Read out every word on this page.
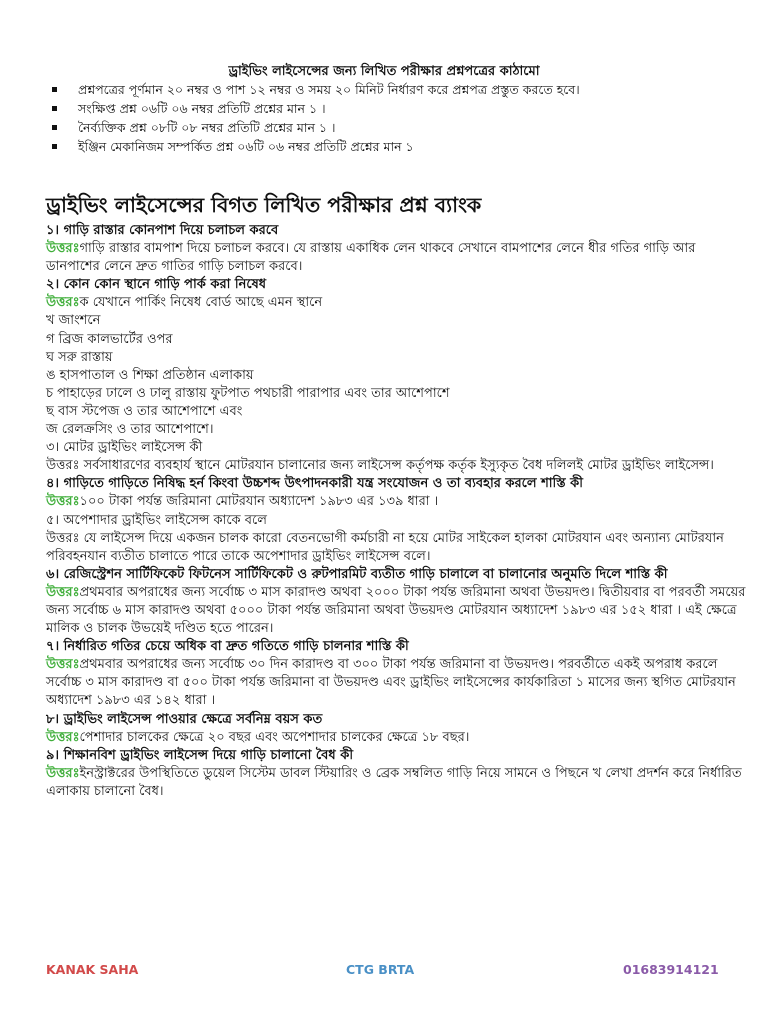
ড্রাইভিং লাইসেন্সের জন্য লিখিত পরীক্ষার প্রশ্নপত্রের কাঠামো
প্রশ্নপত্রের পূর্ণমান ২০ নম্বর ও পাশ ১২ নম্বর ও সময় ২০ মিনিট নির্ধারণ করে প্রশ্নপত্র প্রস্তুত করতে হবে।
সংক্ষিপ্ত প্রশ্ন ০৬টি ০৬ নম্বর প্রতিটি প্রশ্নের মান ১ ।
নৈর্ব্যক্তিক প্রশ্ন ০৮টি ০৮ নম্বর প্রতিটি প্রশ্নের মান ১ ।
ইঞ্জিন মেকানিজম সম্পর্কিত প্রশ্ন ০৬টি ০৬ নম্বর প্রতিটি প্রশ্নের মান ১
ড্রাইভিং লাইসেন্সের বিগত লিখিত পরীক্ষার প্রশ্ন ব্যাংক

১। গাড়ি রাস্তার কোনপাশ দিয়ে চলাচল করবে

উত্তরঃগাড়ি রাস্তার বামপাশ দিয়ে চলাচল করবে। যে রাস্তায় একাধিক লেন থাকবে সেখানে বামপাশের লেনে ধীর গতির গাড়ি আর ডানপাশের লেনে দ্রুত গাতির গাড়ি চলাচল করবে।

২। কোন কোন স্থানে গাড়ি পার্ক করা নিষেধ

উত্তরঃক যেখানে পার্কিং নিষেধ বোর্ড আছে এমন স্থানে

খ জাংশনে

গ ব্রিজ কালভার্টের ওপর

ঘ সরু রাস্তায়

ঙ হাসপাতাল ও শিক্ষা প্রতিষ্ঠান এলাকায়

চ পাহাড়ের ঢালে ও ঢালু রাস্তায় ফুটপাত পথচারী পারাপার এবং তার আশেপাশে

ছ বাস স্টপেজ ও তার আশেপাশে এবং

জ রেলক্রসিং ও তার আশেপাশে।

৩। মোটর ড্রাইভিং লাইসেন্স কী

উত্তরঃ সর্বসাধারণের ব্যবহার্য স্থানে মোটরযান চালানোর জন্য লাইসেন্স কর্তৃপক্ষ কর্তৃক ইস্যুকৃত বৈধ দলিলই মোটর ড্রাইভিং লাইসেন্স।

৪। গাড়িতে গাড়িতে নিষিদ্ধ হর্ন কিংবা উচ্চশব্দ উৎপাদনকারী যন্ত্র সংযোজন ও তা ব্যবহার করলে শাস্তি কী

উত্তরঃ১০০ টাকা পর্যন্ত জরিমানা মোটরযান অধ্যাদেশ ১৯৮৩ এর ১৩৯ ধারা ।

৫। অপেশাদার ড্রাইভিং লাইসেন্স কাকে বলে

উত্তরঃ যে লাইসেন্স দিয়ে একজন চালক কারো বেতনভোগী কর্মচারী না হয়ে মোটর সাইকেল হালকা মোটরযান এবং অন্যান্য মোটরযান পরিবহনযান ব্যতীত চালাতে পারে তাকে অপেশাদার ড্রাইভিং লাইসেন্স বলে।

৬। রেজিস্ট্রেশন সার্টিফিকেট ফিটনেস সার্টিফিকেট ও রুটপারমিট ব্যতীত গাড়ি চালালে বা চালানোর অনুমতি দিলে শাস্তি কী

উত্তরঃপ্রথমবার অপরাধের জন্য সর্বোচ্চ ৩ মাস কারাদণ্ড অথবা ২০০০ টাকা পর্যন্ত জরিমানা অথবা উভয়দণ্ড। দ্বিতীয়বার বা পরবর্তী সময়ের জন্য সর্বোচ্চ ৬ মাস কারাদণ্ড অথবা ৫০০০ টাকা পর্যন্ত জরিমানা অথবা উভয়দণ্ড মোটরযান অধ্যাদেশ ১৯৮৩ এর ১৫২ ধারা । এই ক্ষেত্রে মালিক ও চালক উভয়েই দণ্ডিত হতে পারেন।

৭। নির্ধারিত গতির চেয়ে অধিক বা দ্রুত গতিতে গাড়ি চালনার শাস্তি কী

উত্তরঃপ্রথমবার অপরাধের জন্য সর্বোচ্চ ৩০ দিন কারাদণ্ড বা ৩০০ টাকা পর্যন্ত জরিমানা বা উভয়দণ্ড। পরবর্তীতে একই অপরাধ করলে সর্বোচ্চ ৩ মাস কারাদণ্ড বা ৫০০ টাকা পর্যন্ত জরিমানা বা উভয়দণ্ড এবং ড্রাইভিং লাইসেন্সের কার্যকারিতা ১ মাসের জন্য স্থগিত মোটরযান অধ্যাদেশ ১৯৮৩ এর ১৪২ ধারা ।

৮। ড্রাইভিং লাইসেন্স পাওয়ার ক্ষেত্রে সর্বনিম্ন বয়স কত

উত্তরঃপেশাদার চালকের ক্ষেত্রে ২০ বছর এবং অপেশাদার চালকের ক্ষেত্রে ১৮ বছর।

৯। শিক্ষানবিশ ড্রাইভিং লাইসেন্স দিয়ে গাড়ি চালানো বৈধ কী

উত্তরঃইনস্ট্রাক্টরের উপস্থিতিতে ডুয়েল সিস্টেম ডাবল স্টিয়ারিং ও ব্রেক সম্বলিত গাড়ি নিয়ে সামনে ও পিছনে খ লেখা প্রদর্শন করে নির্ধারিত এলাকায় চালানো বৈধ।

KANAK SAHA	CTG BRTA	01683914121
